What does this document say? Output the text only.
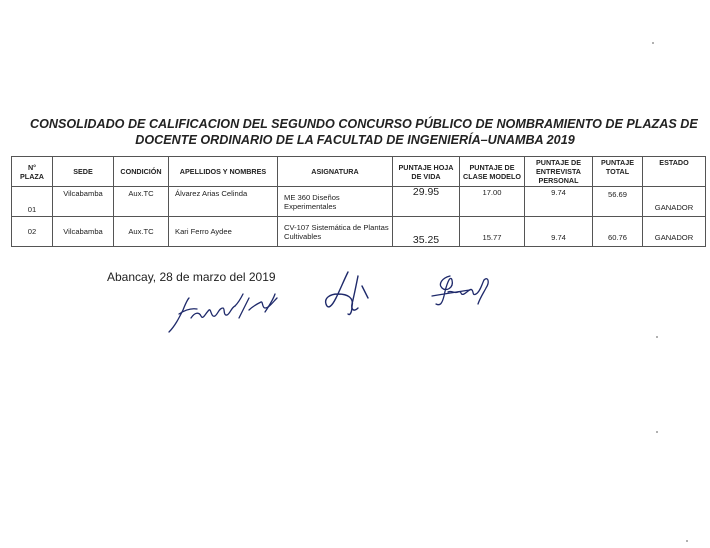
CONSOLIDADO DE CALIFICACION DEL SEGUNDO CONCURSO PÚBLICO DE NOMBRAMIENTO DE PLAZAS DE
DOCENTE ORDINARIO DE LA FACULTAD DE INGENIERÍA–UNAMBA 2019
N°
PLAZA	SEDE	CONDICIÓN	APELLIDOS Y NOMBRES	ASIGNATURA	PUNTAJE HOJA
DE VIDA	PUNTAJE DE
CLASE MODELO	PUNTAJE DE
ENTREVISTA
PERSONAL	PUNTAJE
TOTAL	ESTADO
01	Vilcabamba	Aux.TC	Álvarez Arias Celinda	ME 360 Diseños
Experimentales	29.95	17.00	9.74	56.69	GANADOR
02	Vilcabamba	Aux.TC	Kari Ferro Aydee	CV-107 Sistemática de Plantas
Cultivables	35.25	15.77	9.74	60.76	GANADOR
Abancay, 28 de marzo del 2019
